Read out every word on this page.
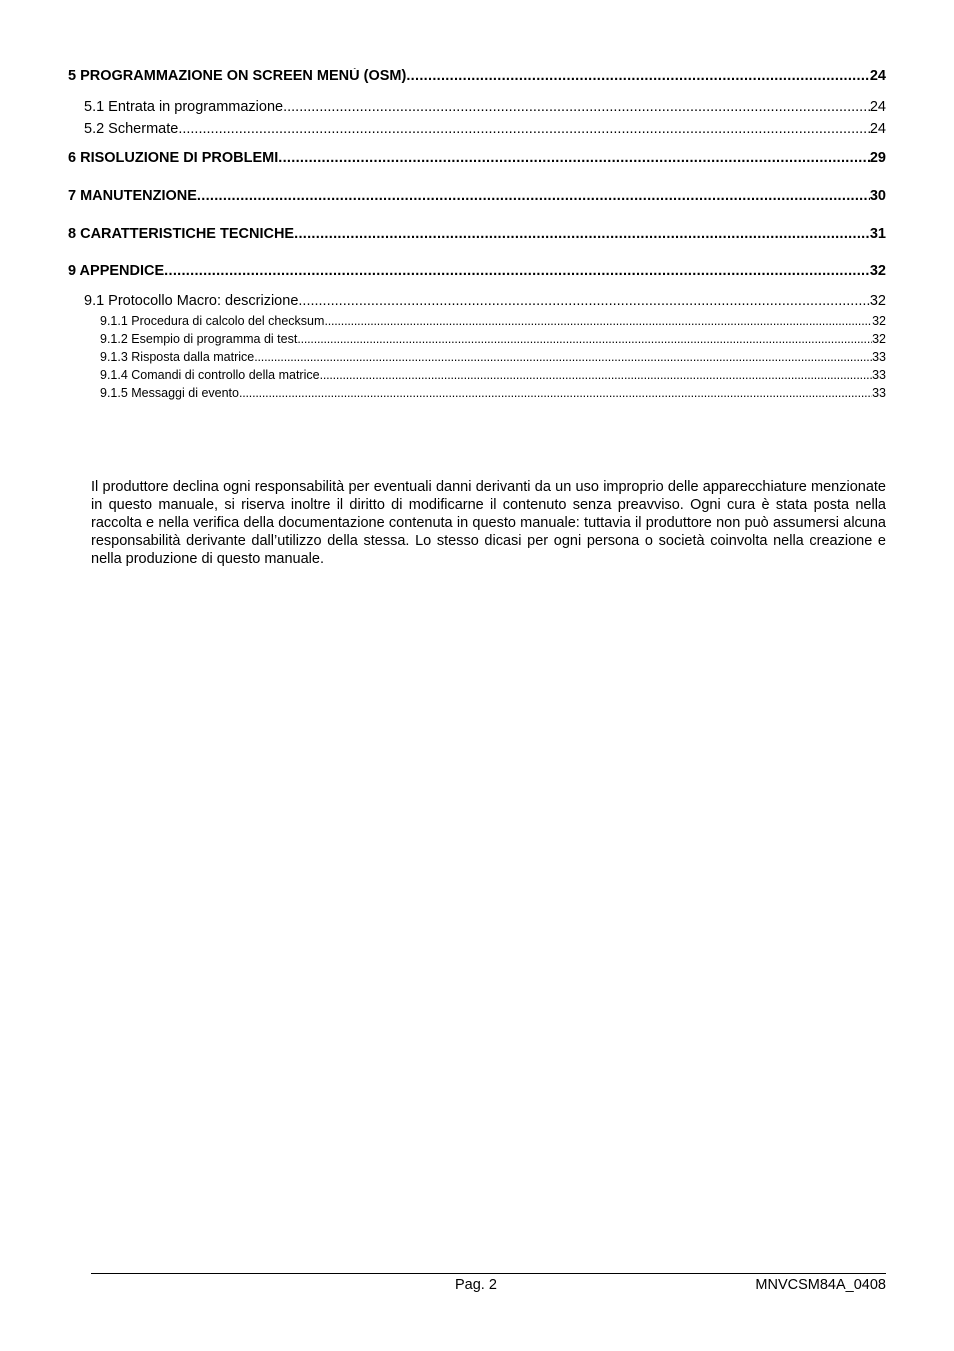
5 PROGRAMMAZIONE ON SCREEN MENÙ (OSM) .....	24
5.1 Entrata in programmazione .....	24
5.2 Schermate .....	24
6 RISOLUZIONE DI PROBLEMI .....	29
7 MANUTENZIONE .....	30
8 CARATTERISTICHE TECNICHE .....	31
9 APPENDICE .....	32
9.1 Protocollo Macro: descrizione .....	32
9.1.1 Procedura di calcolo del checksum .....	32
9.1.2 Esempio di programma di test .....	32
9.1.3 Risposta dalla matrice .....	33
9.1.4 Comandi di controllo della matrice .....	33
9.1.5 Messaggi di evento .....	33

Il produttore declina ogni responsabilità per eventuali danni derivanti da un uso improprio delle apparecchiature menzionate in questo manuale, si riserva inoltre il diritto di modificarne il contenuto senza preavviso. Ogni cura è stata posta nella raccolta e nella verifica della documentazione contenuta in questo manuale: tuttavia il produttore non può assumersi alcuna responsabilità derivante dall’utilizzo della stessa. Lo stesso dicasi per ogni persona o società coinvolta nella creazione e nella produzione di questo manuale.

Pag. 2	MNVCSM84A_0408
